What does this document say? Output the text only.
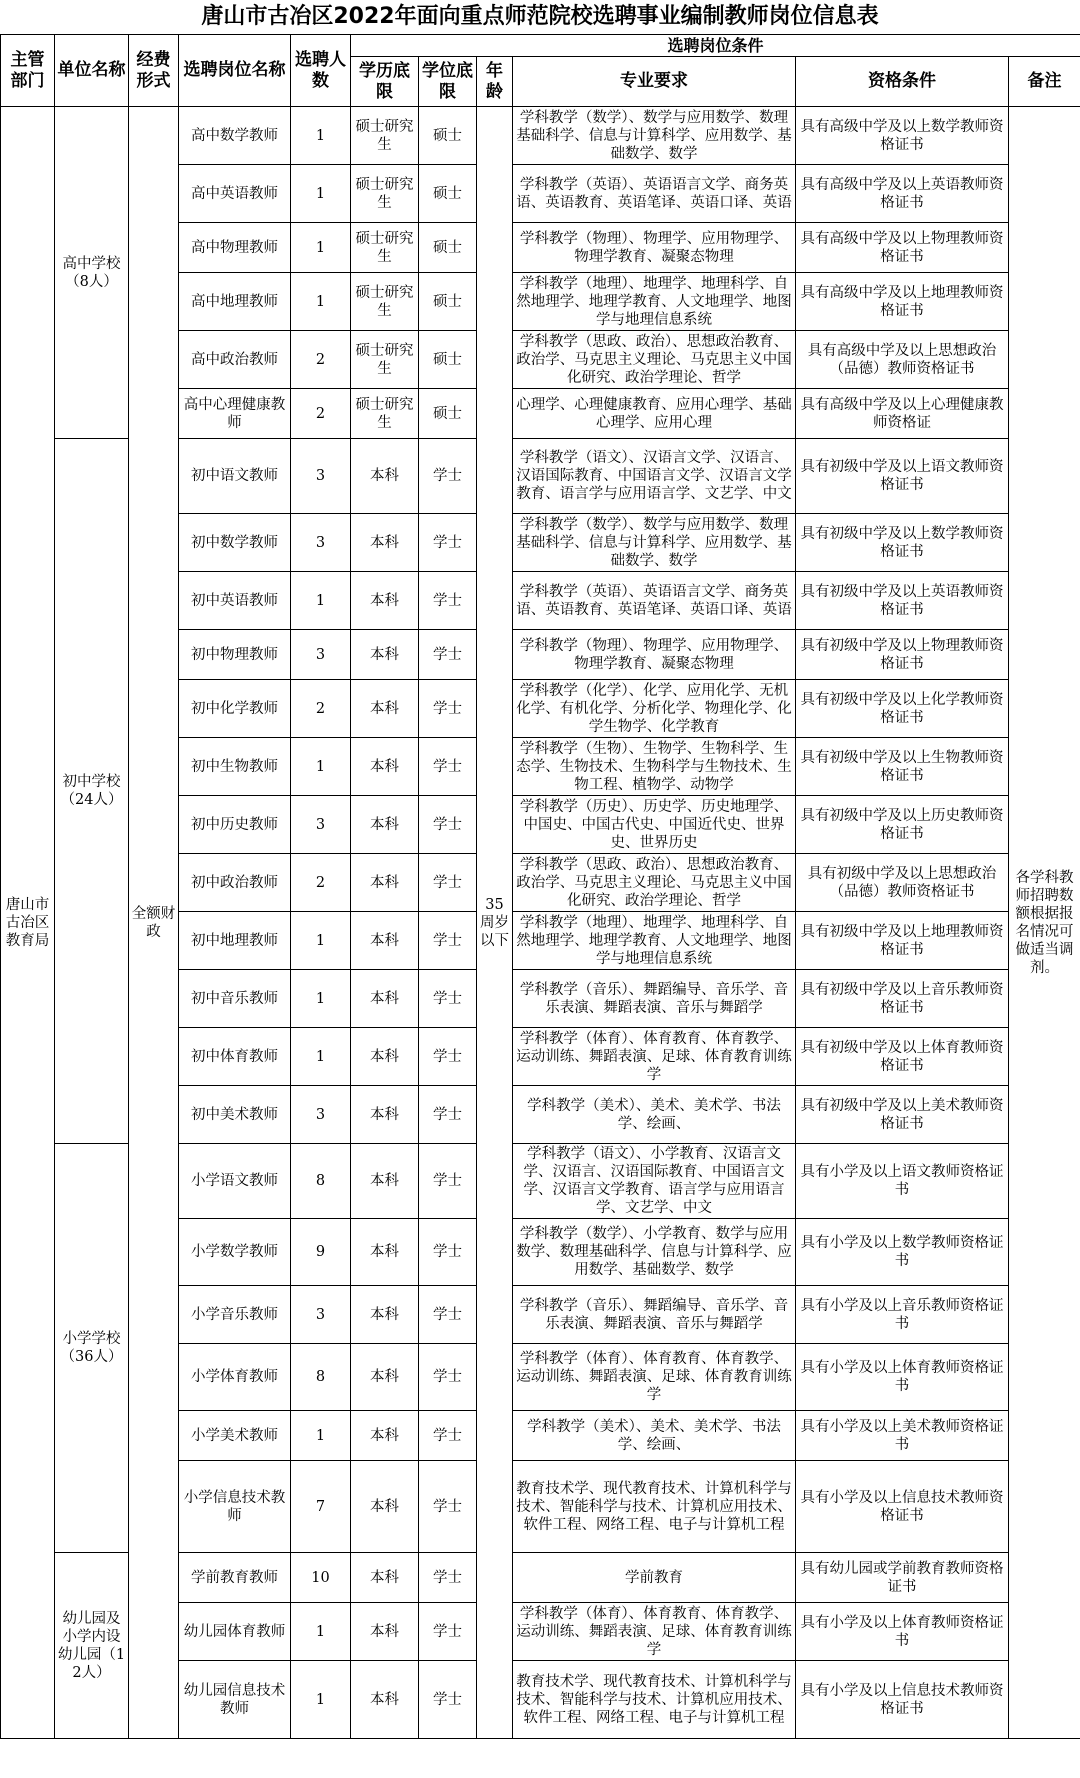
唐山市古冶区2022年面向重点师范院校选聘事业编制教师岗位信息表
主管部门	单位名称	经费形式	选聘岗位名称	选聘人数	选聘岗位条件					
					学历底限	学位底限	年龄	专业要求	资格条件	备注
唐山市古冶区教育局	高中学校（8人）	全额财政	高中数学教师	1	硕士研究生	硕士	35周岁以下	学科教学（数学）、数学与应用数学、数理基础科学、信息与计算科学、应用数学、基础数学、数学	具有高级中学及以上数学教师资格证书	各学科教师招聘数额根据报名情况可做适当调剂。
			高中英语教师	1	硕士研究生	硕士		学科教学（英语）、英语语言文学、商务英语、英语教育、英语笔译、英语口译、英语	具有高级中学及以上英语教师资格证书	
			高中物理教师	1	硕士研究生	硕士		学科教学（物理）、物理学、应用物理学、物理学教育、凝聚态物理	具有高级中学及以上物理教师资格证书	
			高中地理教师	1	硕士研究生	硕士		学科教学（地理）、地理学、地理科学、自然地理学、地理学教育、人文地理学、地图学与地理信息系统	具有高级中学及以上地理教师资格证书	
			高中政治教师	2	硕士研究生	硕士		学科教学（思政、政治）、思想政治教育、政治学、马克思主义理论、马克思主义中国化研究、政治学理论、哲学	具有高级中学及以上思想政治（品德）教师资格证书	
			高中心理健康教师	2	硕士研究生	硕士		心理学、心理健康教育、应用心理学、基础心理学、应用心理	具有高级中学及以上心理健康教师资格证	
	初中学校（24人）		初中语文教师	3	本科	学士		学科教学（语文）、汉语言文学、汉语言、汉语国际教育、中国语言文学、汉语言文学教育、语言学与应用语言学、文艺学、中文	具有初级中学及以上语文教师资格证书	
			初中数学教师	3	本科	学士		学科教学（数学）、数学与应用数学、数理基础科学、信息与计算科学、应用数学、基础数学、数学	具有初级中学及以上数学教师资格证书	
			初中英语教师	1	本科	学士		学科教学（英语）、英语语言文学、商务英语、英语教育、英语笔译、英语口译、英语	具有初级中学及以上英语教师资格证书	
			初中物理教师	3	本科	学士		学科教学（物理）、物理学、应用物理学、物理学教育、凝聚态物理	具有初级中学及以上物理教师资格证书	
			初中化学教师	2	本科	学士		学科教学（化学）、化学、应用化学、无机化学、有机化学、分析化学、物理化学、化学生物学、化学教育	具有初级中学及以上化学教师资格证书	
			初中生物教师	1	本科	学士		学科教学（生物）、生物学、生物科学、生态学、生物技术、生物科学与生物技术、生物工程、植物学、动物学	具有初级中学及以上生物教师资格证书	
			初中历史教师	3	本科	学士		学科教学（历史）、历史学、历史地理学、中国史、中国古代史、中国近代史、世界史、世界历史	具有初级中学及以上历史教师资格证书	
			初中政治教师	2	本科	学士		学科教学（思政、政治）、思想政治教育、政治学、马克思主义理论、马克思主义中国化研究、政治学理论、哲学	具有初级中学及以上思想政治（品德）教师资格证书	
			初中地理教师	1	本科	学士		学科教学（地理）、地理学、地理科学、自然地理学、地理学教育、人文地理学、地图学与地理信息系统	具有初级中学及以上地理教师资格证书	
			初中音乐教师	1	本科	学士		学科教学（音乐）、舞蹈编导、音乐学、音乐表演、舞蹈表演、音乐与舞蹈学	具有初级中学及以上音乐教师资格证书	
			初中体育教师	1	本科	学士		学科教学（体育）、体育教育、体育教学、运动训练、舞蹈表演、足球、体育教育训练学	具有初级中学及以上体育教师资格证书	
			初中美术教师	3	本科	学士		学科教学（美术）、美术、美术学、书法学、绘画、	具有初级中学及以上美术教师资格证书	
	小学学校（36人）		小学语文教师	8	本科	学士		学科教学（语文）、小学教育、汉语言文学、汉语言、汉语国际教育、中国语言文学、汉语言文学教育、语言学与应用语言学、文艺学、中文	具有小学及以上语文教师资格证书	
			小学数学教师	9	本科	学士		学科教学（数学）、小学教育、数学与应用数学、数理基础科学、信息与计算科学、应用数学、基础数学、数学	具有小学及以上数学教师资格证书	
			小学音乐教师	3	本科	学士		学科教学（音乐）、舞蹈编导、音乐学、音乐表演、舞蹈表演、音乐与舞蹈学	具有小学及以上音乐教师资格证书	
			小学体育教师	8	本科	学士		学科教学（体育）、体育教育、体育教学、运动训练、舞蹈表演、足球、体育教育训练学	具有小学及以上体育教师资格证书	
			小学美术教师	1	本科	学士		学科教学（美术）、美术、美术学、书法学、绘画、	具有小学及以上美术教师资格证书	
			小学信息技术教师	7	本科	学士		教育技术学、现代教育技术、计算机科学与技术、智能科学与技术、计算机应用技术、软件工程、网络工程、电子与计算机工程	具有小学及以上信息技术教师资格证书	
	幼儿园及小学内设幼儿园（12人）		学前教育教师	10	本科	学士		学前教育	具有幼儿园或学前教育教师资格证书	
			幼儿园体育教师	1	本科	学士		学科教学（体育）、体育教育、体育教学、运动训练、舞蹈表演、足球、体育教育训练学	具有小学及以上体育教师资格证书	
			幼儿园信息技术教师	1	本科	学士		教育技术学、现代教育技术、计算机科学与技术、智能科学与技术、计算机应用技术、软件工程、网络工程、电子与计算机工程	具有小学及以上信息技术教师资格证书	
